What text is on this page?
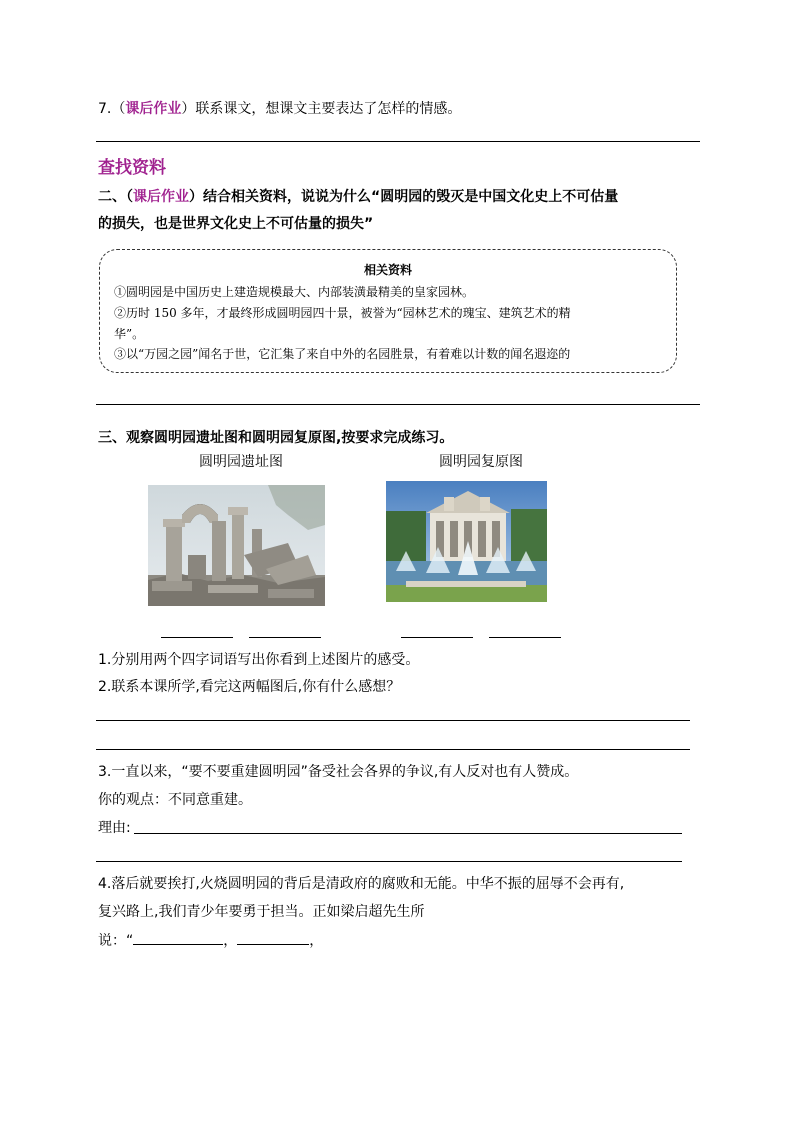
7.（课后作业）联系课文，想课文主要表达了怎样的情感。
查找资料
二、（课后作业）结合相关资料，说说为什么“圆明园的毁灭是中国文化史上不可估量
的损失，也是世界文化史上不可估量的损失”
相关资料
①圆明园是中国历史上建造规模最大、内部装潢最精美的皇家园林。
②历时 150 多年，才最终形成圆明园四十景，被誉为“园林艺术的瑰宝、建筑艺术的精
华”。
③以“万园之园”闻名于世，它汇集了来自中外的名园胜景，有着难以计数的闻名遐迩的
三、观察圆明园遗址图和圆明园复原图,按要求完成练习。
圆明园遗址图	圆明园复原图
1.分别用两个四字词语写出你看到上述图片的感受。
2.联系本课所学,看完这两幅图后,你有什么感想？
3.一直以来，“要不要重建圆明园”备受社会各界的争议,有人反对也有人赞成。
你的观点：不同意重建。
理由:
4.落后就要挨打,火烧圆明园的背后是清政府的腐败和无能。中华不振的屈辱不会再有,
复兴路上,我们青少年要勇于担当。正如梁启超先生所
说：“	，	，
